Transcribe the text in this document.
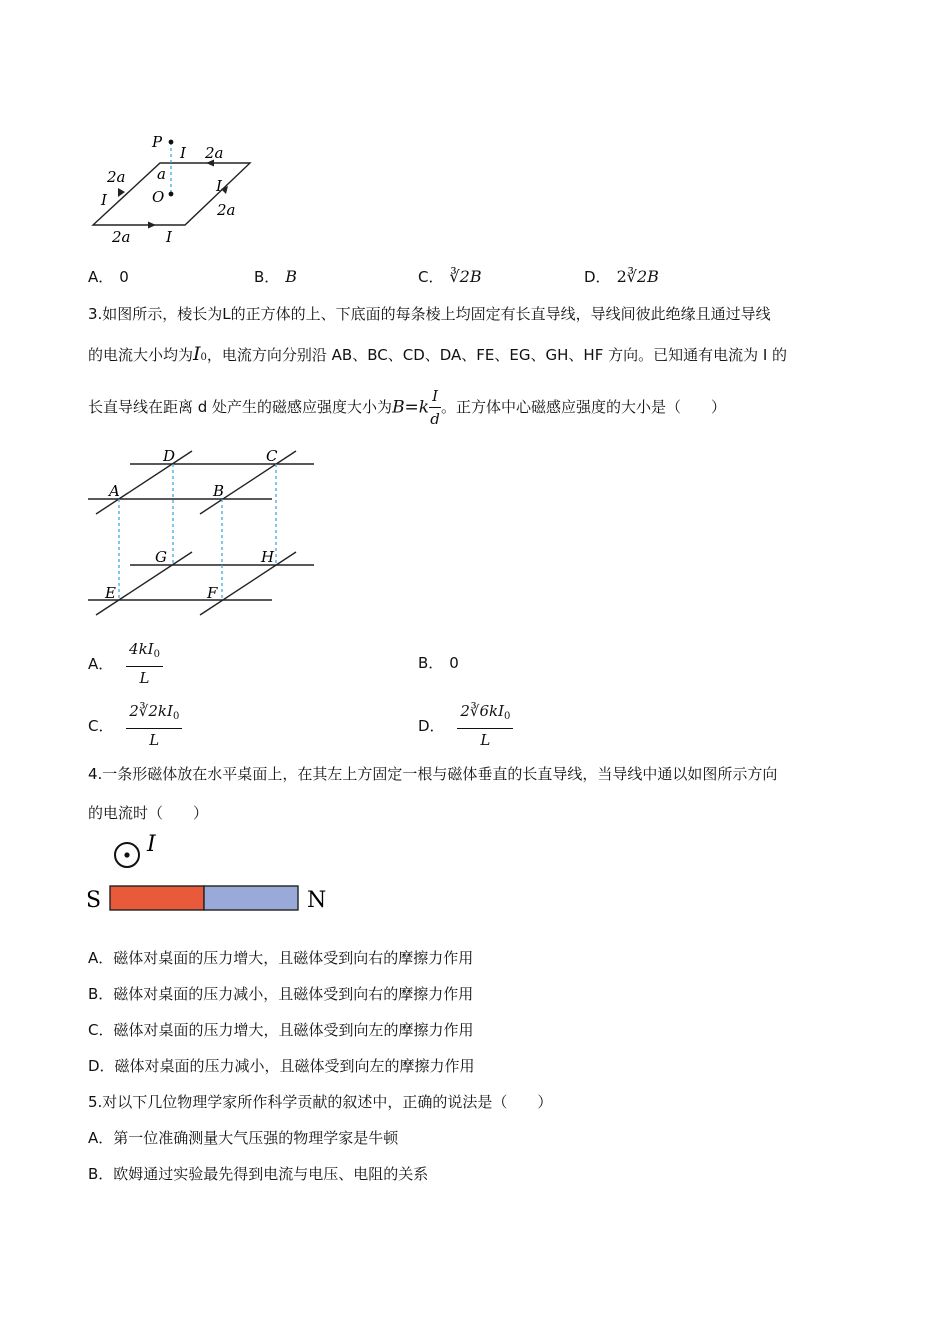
P
I 2a
a
O
2a
I
I
2a
2a I
A． 0	B． B	C． ∛2B	D． 2∛2B
3.如图所示，棱长为L的正方体的上、下底面的每条棱上均固定有长直导线，导线间彼此绝缘且通过导线
的电流大小均为I0，电流方向分别沿 AB、BC、CD、DA、FE、EG、GH、HF 方向。已知通有电流为 I 的
长直导线在距离 d 处产生的磁感应强度大小为$B=k \frac{I}{d}$ 。正方体中心磁感应强度的大小是（　　）
D	C
A	B
G	H
E	F
A． $\frac{4kI_0}{L}$	B． 0
C． $\frac{2∛2kI_0}{L}$	D． $\frac{2∛6kI_0}{L}$
4.一条形磁体放在水平桌面上，在其左上方固定一根与磁体垂直的长直导线，当导线中通以如图所示方向
的电流时（　　）
I
S	N
A．磁体对桌面的压力增大，且磁体受到向右的摩擦力作用
B．磁体对桌面的压力减小，且磁体受到向右的摩擦力作用
C．磁体对桌面的压力增大，且磁体受到向左的摩擦力作用
D．磁体对桌面的压力减小，且磁体受到向左的摩擦力作用
5.对以下几位物理学家所作科学贡献的叙述中，正确的说法是（　　）
A．第一位准确测量大气压强的物理学家是牛顿
B．欧姆通过实验最先得到电流与电压、电阻的关系
